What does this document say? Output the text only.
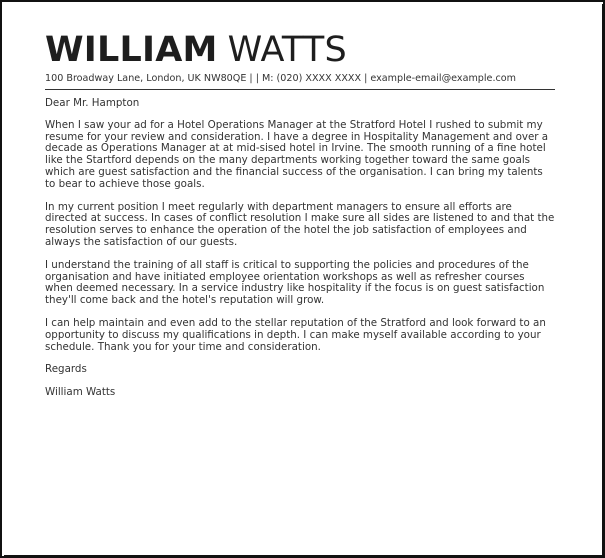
WILLIAM WATTS
100 Broadway Lane, London, UK NW80QE | | M: (020) XXXX XXXX | example-email@example.com

Dear Mr. Hampton

When I saw your ad for a Hotel Operations Manager at the Stratford Hotel I rushed to submit my resume for your review and consideration. I have a degree in Hospitality Management and over a decade as Operations Manager at at mid-sised hotel in Irvine. The smooth running of a fine hotel like the Startford depends on the many departments working together toward the same goals which are guest satisfaction and the financial success of the organisation. I can bring my talents to bear to achieve those goals.

In my current position I meet regularly with department managers to ensure all efforts are directed at success. In cases of conflict resolution I make sure all sides are listened to and that the resolution serves to enhance the operation of the hotel the job satisfaction of employees and always the satisfaction of our guests.

I understand the training of all staff is critical to supporting the policies and procedures of the organisation and have initiated employee orientation workshops as well as refresher courses when deemed necessary. In a service industry like hospitality if the focus is on guest satisfaction they'll come back and the hotel's reputation will grow.

I can help maintain and even add to the stellar reputation of the Stratford and look forward to an opportunity to discuss my qualifications in depth. I can make myself available according to your schedule. Thank you for your time and consideration.

Regards

William Watts
